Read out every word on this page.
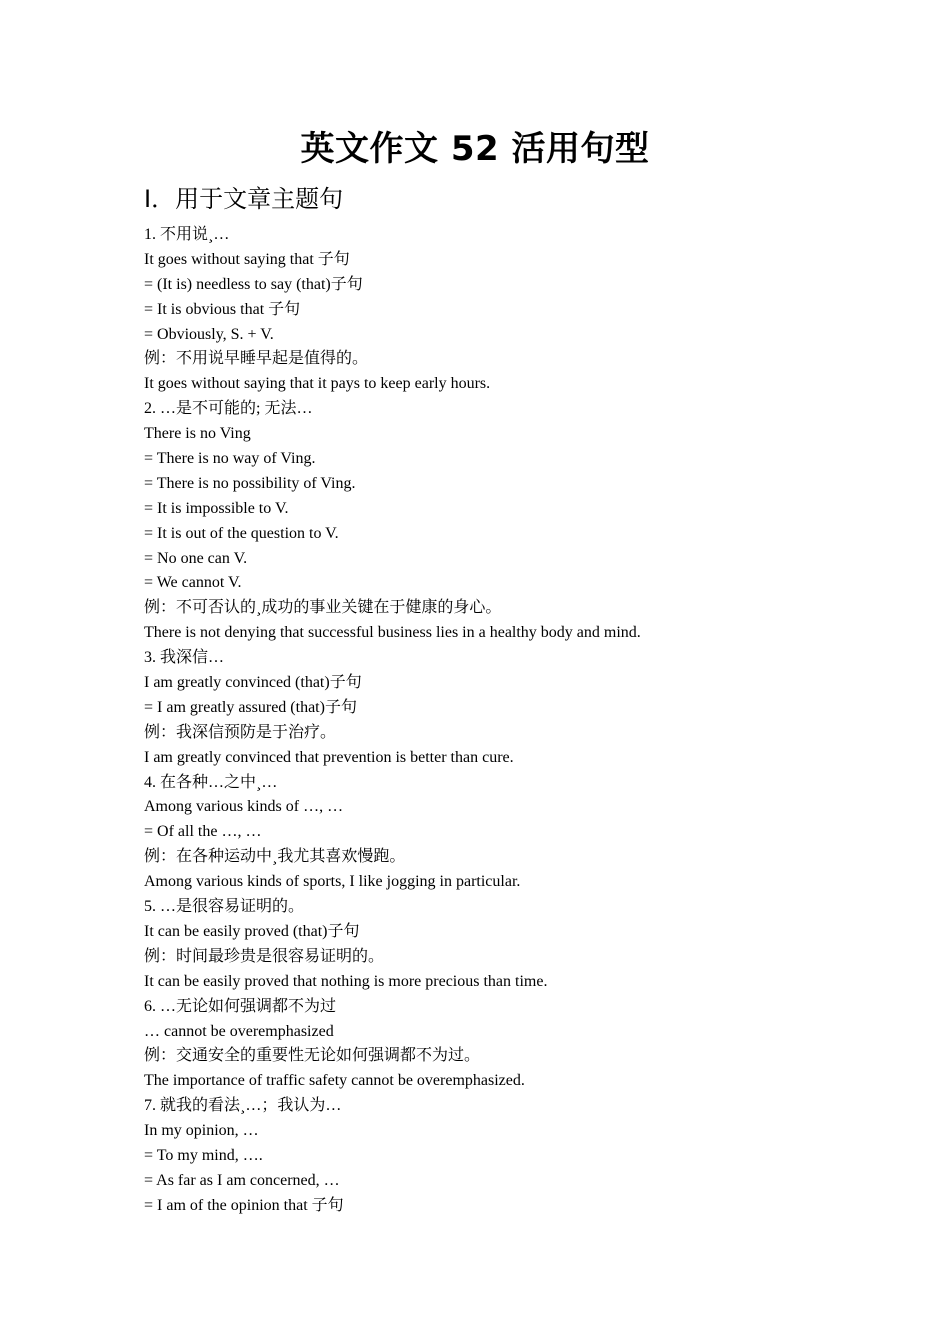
英文作文 52 活用句型
I．用于文章主题句
1. 不用说¸…
It goes without saying that 子句
= (It is) needless to say (that)子句
= It is obvious that 子句
= Obviously, S. + V.
例：不用说早睡早起是值得的。
It goes without saying that it pays to keep early hours.
2. …是不可能的; 无法…
There is no Ving
= There is no way of Ving.
= There is no possibility of Ving.
= It is impossible to V.
= It is out of the question to V.
= No one can V.
= We cannot V.
例：不可否认的¸成功的事业关键在于健康的身心。
There is not denying that successful business lies in a healthy body and mind.
3. 我深信…
I am greatly convinced (that)子句
= I am greatly assured (that)子句
例：我深信预防是于治疗。
I am greatly convinced that prevention is better than cure.
4. 在各种…之中¸…
Among various kinds of …, …
= Of all the …, …
例：在各种运动中¸我尤其喜欢慢跑。
Among various kinds of sports, I like jogging in particular.
5. …是很容易证明的。
It can be easily proved (that)子句
例：时间最珍贵是很容易证明的。
It can be easily proved that nothing is more precious than time.
6. …无论如何强调都不为过
… cannot be overemphasized
例：交通安全的重要性无论如何强调都不为过。
The importance of traffic safety cannot be overemphasized.
7. 就我的看法¸…；我认为…
In my opinion, …
= To my mind, ….
= As far as I am concerned, …
= I am of the opinion that 子句
